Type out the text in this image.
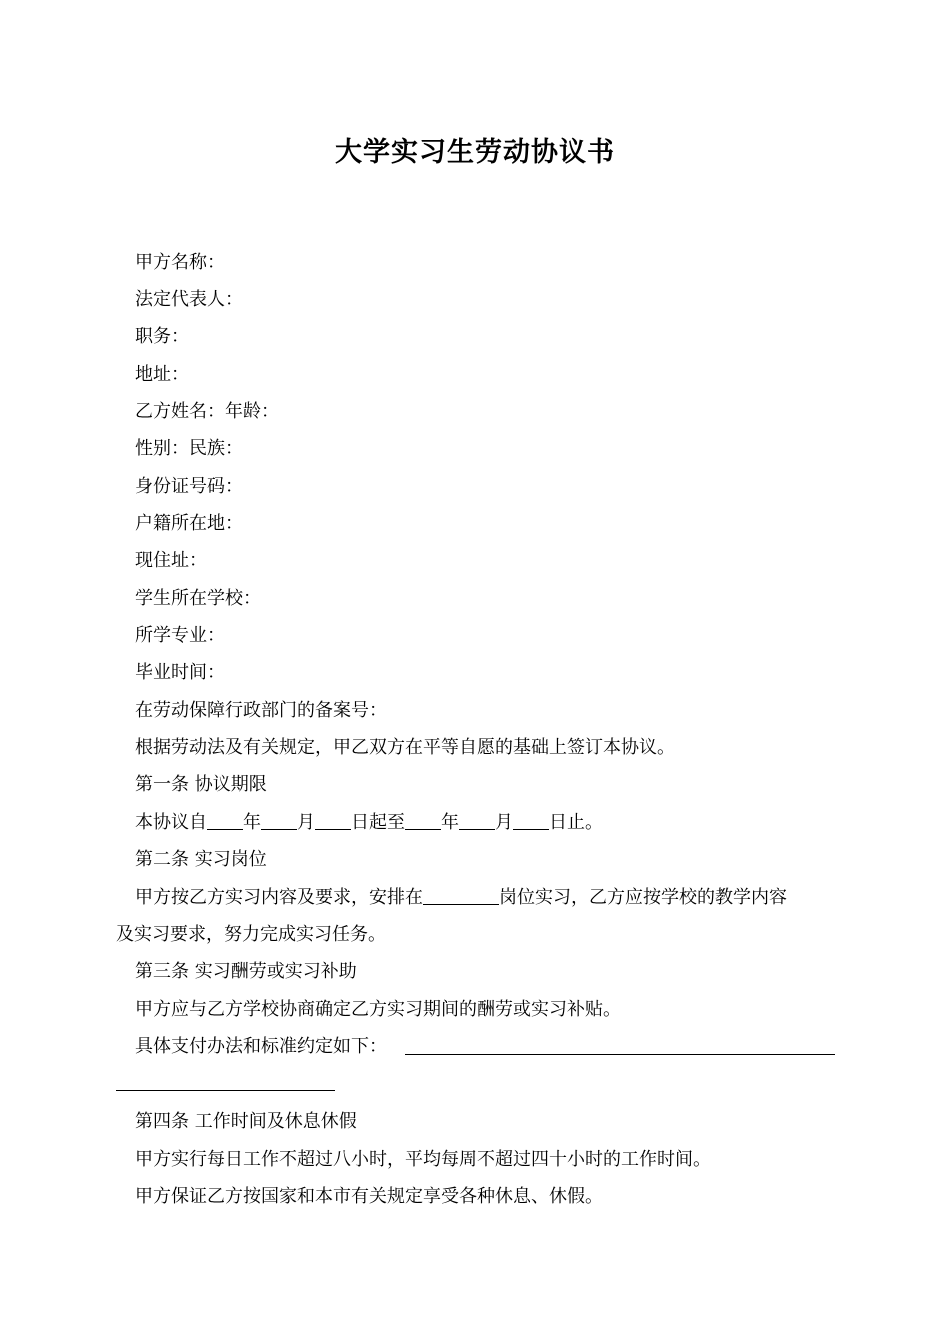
大学实习生劳动协议书
甲方名称：
法定代表人：
职务：
地址：
乙方姓名：年龄：
性别：民族：
身份证号码：
户籍所在地：
现住址：
学生所在学校：
所学专业：
毕业时间：
在劳动保障行政部门的备案号：
根据劳动法及有关规定，甲乙双方在平等自愿的基础上签订本协议。
第一条 协议期限
本协议自 年 月 日起至 年 月 日止。
第二条 实习岗位
甲方按乙方实习内容及要求，安排在	岗位实习，乙方应按学校的教学内容
及实习要求，努力完成实习任务。
第三条 实习酬劳或实习补助
甲方应与乙方学校协商确定乙方实习期间的酬劳或实习补贴。
具体支付办法和标准约定如下：
第四条 工作时间及休息休假
甲方实行每日工作不超过八小时，平均每周不超过四十小时的工作时间。
甲方保证乙方按国家和本市有关规定享受各种休息、休假。
